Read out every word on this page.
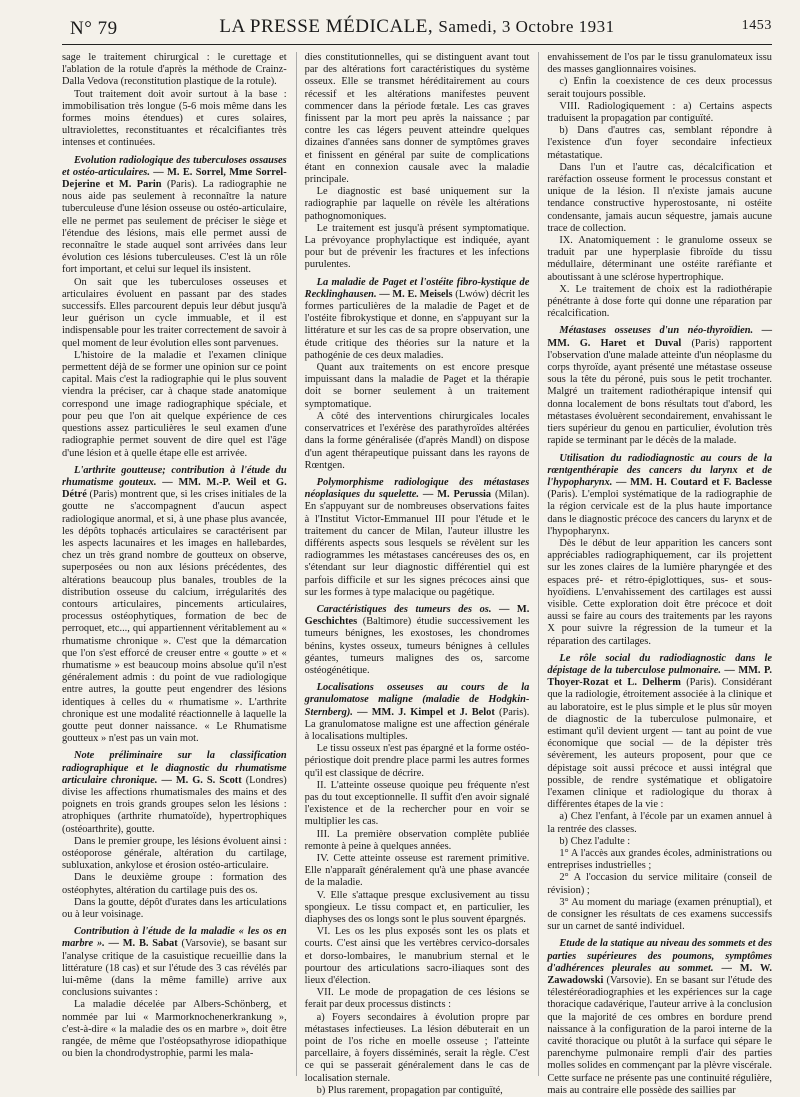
N° 79	LA PRESSE MÉDICALE, Samedi, 3 Octobre 1931	1453

sage le traitement chirurgical : le curettage et l'ablation de la rotule d'après la méthode de Crainz-Dalla Vedova (reconstitution plastique de la rotule).

Tout traitement doit avoir surtout à la base : immobilisation très longue (5-6 mois même dans les formes moins étendues) et cures solaires, ultraviolettes, reconstituantes et récalcifiantes très intenses et continuées.

Evolution radiologique des tuberculoses ossauses et ostéo-articulaires. — M. E. Sorrel, Mme Sorrel-Dejerine et M. Parin (Paris). La radiographie ne nous aide pas seulement à reconnaître la nature tuberculeuse d'une lésion osseuse ou ostéo-articulaire, elle ne permet pas seulement de préciser le siège et l'étendue des lésions, mais elle permet aussi de reconnaître le stade auquel sont arrivées dans leur évolution ces lésions tuberculeuses. C'est là un rôle fort important, et celui sur lequel ils insistent.

On sait que les tuberculoses osseuses et articulaires évoluent en passant par des stades successifs. Elles parcourent depuis leur début jusqu'à leur guérison un cycle immuable, et il est indispensable pour les traiter correctement de savoir à quel moment de leur évolution elles sont parvenues.

L'histoire de la maladie et l'examen clinique permettent déjà de se former une opinion sur ce point capital. Mais c'est la radiographie qui le plus souvent viendra la préciser, car à chaque stade anatomique correspond une image radiographique spéciale, et pour peu que l'on ait quelque expérience de ces questions assez particulières le seul examen d'une radiographie permet souvent de dire quel est l'âge d'une lésion et à quelle étape elle est arrivée.

L'arthrite goutteuse; contribution à l'étude du rhumatisme gouteux. — MM. M.-P. Weil et G. Détré (Paris) montrent que, si les crises initiales de la goutte ne s'accompagnent d'aucun aspect radiologique anormal, et si, à une phase plus avancée, les dépôts tophacés articulaires se caractérisent par les aspects lacunaires et les images en hallebardes, chez un très grand nombre de goutteux on observe, superposées ou non aux lésions précédentes, des altérations beaucoup plus banales, troubles de la distribution osseuse du calcium, irrégularités des contours articulaires, pincements articulaires, processus ostéophytiques, formation de bec de perroquet, etc..., qui appartiennent véritablement au « rhumatisme chronique ». C'est que la démarcation que l'on s'est efforcé de creuser entre « goutte » et « rhumatisme » est beaucoup moins absolue qu'il n'est généralement admis : du point de vue radiologique entre autres, la goutte peut engendrer des lésions identiques à celles du « rhumatisme ». L'arthrite chronique est une modalité réactionnelle à laquelle la goutte peut donner naissance. « Le Rhumatisme goutteux » n'est pas un vain mot.

Note préliminaire sur la classification radiographique et le diagnostic du rhumatisme articulaire chronique. — M. G. S. Scott (Londres) divise les affections rhumatismales des mains et des poignets en trois grands groupes selon les lésions : atrophiques (arthrite rhumatoïde), hypertrophiques (ostéoarthrite), goutte.

Dans le premier groupe, les lésions évoluent ainsi : ostéoporose générale, altération du cartilage, subluxation, ankylose et érosion ostéo-articulaire.

Dans le deuxième groupe : formation des ostéophytes, altération du cartilage puis des os.

Dans la goutte, dépôt d'urates dans les articulations ou à leur voisinage.

Contribution à l'étude de la maladie « les os en marbre ». — M. B. Sabat (Varsovie), se basant sur l'analyse critique de la casuistique recueillie dans la littérature (18 cas) et sur l'étude des 3 cas révélés par lui-même (dans la même famille) arrive aux conclusions suivantes :

La maladie décelée par Albers-Schönberg, et nommée par lui « Marmorknochenerkrankung », c'est-à-dire « la maladie des os en marbre », doit être rangée, de même que l'ostéopsathyrose idiopathique ou bien la chondrodystrophie, parmi les mala-

dies constitutionnelles, qui se distinguent avant tout par des altérations fort caractéristiques du système osseux. Elle se transmet héréditairement au cours récessif et les altérations manifestes peuvent commencer dans la période fœtale. Les cas graves finissent par la mort peu après la naissance ; par contre les cas légers peuvent atteindre quelques dizaines d'années sans donner de symptômes graves et finissent en général par suite de complications étant en connexion causale avec la maladie principale.

Le diagnostic est basé uniquement sur la radiographie par laquelle on révèle les altérations pathognomoniques.

Le traitement est jusqu'à présent symptomatique. La prévoyance prophylactique est indiquée, ayant pour but de prévenir les fractures et les infections purulentes.

La maladie de Paget et l'ostéite fibro-kystique de Recklinghausen. — M. E. Meisels (Lwów) décrit les formes particulières de la maladie de Paget et de l'ostéite fibrokystique et donne, en s'appuyant sur la littérature et sur les cas de sa propre observation, une étude critique des théories sur la nature et la pathogénie de ces deux maladies.

Quant aux traitements on est encore presque impuissant dans la maladie de Paget et la thérapie doit se borner seulement à un traitement symptomatique.

A côté des interventions chirurgicales locales conservatrices et l'exérèse des parathyroïdes altérées dans la forme généralisée (d'après Mandl) on dispose d'un agent thérapeutique puissant dans les rayons de Rœntgen.

Polymorphisme radiologique des métastases néoplasiques du squelette. — M. Perussia (Milan). En s'appuyant sur de nombreuses observations faites à l'Institut Victor-Emmanuel III pour l'étude et le traitement du cancer de Milan, l'auteur illustre les différents aspects sous lesquels se révèlent sur les radiogrammes les métastases cancéreuses des os, en s'étendant sur leur diagnostic différentiel qui est parfois difficile et sur les signes précoces ainsi que sur les formes à type malacique ou pagétique.

Caractéristiques des tumeurs des os. — M. Geschichtes (Baltimore) étudie successivement les tumeurs bénignes, les exostoses, les chondromes bénins, kystes osseux, tumeurs bénignes à cellules géantes, tumeurs malignes des os, sarcome ostéogénétique.

Localisations osseuses au cours de la granulomatose maligne (maladie de Hodgkin-Sternberg). — MM. J. Kimpel et J. Belot (Paris). La granulomatose maligne est une affection générale à localisations multiples.

Le tissu osseux n'est pas épargné et la forme ostéo-périostique doit prendre place parmi les autres formes qu'il est classique de décrire.

II. L'atteinte osseuse quoique peu fréquente n'est pas du tout exceptionnelle. Il suffit d'en avoir signalé l'existence et de la rechercher pour en voir se multiplier les cas.

III. La première observation complète publiée remonte à peine à quelques années.

IV. Cette atteinte osseuse est rarement primitive. Elle n'apparaît généralement qu'à une phase avancée de la maladie.

V. Elle s'attaque presque exclusivement au tissu spongieux. Le tissu compact et, en particulier, les diaphyses des os longs sont le plus souvent épargnés.

VI. Les os les plus exposés sont les os plats et courts. C'est ainsi que les vertèbres cervico-dorsales et dorso-lombaires, le manubrium sternal et le pourtour des articulations sacro-iliaques sont des lieux d'élection.

VII. Le mode de propagation de ces lésions se ferait par deux processus distincts :

a) Foyers secondaires à évolution propre par métastases infectieuses. La lésion débuterait en un point de l'os riche en moelle osseuse ; l'atteinte parcellaire, à foyers disséminés, serait la règle. C'est ce qui se passerait généralement dans le cas de localisation sternale.

b) Plus rarement, propagation par contiguïté,

envahissement de l'os par le tissu granulomateux issu des masses ganglionnaires voisines.

c) Enfin la coexistence de ces deux processus serait toujours possible.

VIII. Radiologiquement : a) Certains aspects traduisent la propagation par contiguïté.

b) Dans d'autres cas, semblant répondre à l'existence d'un foyer secondaire infectieux métastatique.

Dans l'un et l'autre cas, décalcification et raréfaction osseuse forment le processus constant et unique de la lésion. Il n'existe jamais aucune tendance constructive hyperostosante, ni ostéite condensante, jamais aucun séquestre, jamais aucune trace de collection.

IX. Anatomiquement : le granulome osseux se traduit par une hyperplasie fibroïde du tissu médullaire, déterminant une ostéite raréfiante et aboutissant à une sclérose hypertrophique.

X. Le traitement de choix est la radiothérapie pénétrante à dose forte qui donne une réparation par récalcification.

Métastases osseuses d'un néo-thyroïdien. — MM. G. Haret et Duval (Paris) rapportent l'observation d'une malade atteinte d'un néoplasme du corps thyroïde, ayant présenté une métastase osseuse sous la tête du péroné, puis sous le petit trochanter. Malgré un traitement radiothérapique intensif qui donna localement de bons résultats tout d'abord, les métastases évoluèrent secondairement, envahissant le tiers supérieur du genou en particulier, évolution très rapide se terminant par le décès de la malade.

Utilisation du radiodiagnostic au cours de la rœntgenthérapie des cancers du larynx et de l'hypopharynx. — MM. H. Coutard et F. Baclesse (Paris). L'emploi systématique de la radiographie de la région cervicale est de la plus haute importance dans le diagnostic précoce des cancers du larynx et de l'hypopharynx.

Dès le début de leur apparition les cancers sont appréciables radiographiquement, car ils projettent sur les zones claires de la lumière pharyngée et des espaces pré- et rétro-épiglottiques, sus- et sous-hyoïdiens. L'envahissement des cartilages est aussi visible. Cette exploration doit être précoce et doit aussi se faire au cours des traitements par les rayons X pour suivre la régression de la tumeur et la réparation des cartilages.

Le rôle social du radiodiagnostic dans le dépistage de la tuberculose pulmonaire. — MM. P. Thoyer-Rozat et L. Delherm (Paris). Considérant que la radiologie, étroitement associée à la clinique et au laboratoire, est le plus simple et le plus sûr moyen de diagnostic de la tuberculose pulmonaire, et estimant qu'il devient urgent — tant au point de vue économique que social — de la dépister très sévèrement, les auteurs proposent, pour que ce dépistage soit aussi précoce et aussi intégral que possible, de rendre systématique et obligatoire l'examen clinique et radiologique du thorax à différentes étapes de la vie :

a) Chez l'enfant, à l'école par un examen annuel à la rentrée des classes.

b) Chez l'adulte :

1° A l'accès aux grandes écoles, administrations ou entreprises industrielles ;

2° A l'occasion du service militaire (conseil de révision) ;

3° Au moment du mariage (examen prénuptial), et de consigner les résultats de ces examens successifs sur un carnet de santé individuel.

Etude de la statique au niveau des sommets et des parties supérieures des poumons, symptômes d'adhérences pleurales au sommet. — M. W. Zawadowski (Varsovie). En se basant sur l'étude des télestéréoradiographies et les expériences sur la cage thoracique cadavérique, l'auteur arrive à la conclusion que la majorité de ces ombres en bordure prend naissance à la configuration de la paroi interne de la cavité thoracique ou plutôt à la surface qui sépare le parenchyme pulmonaire rempli d'air des parties molles solides en commençant par la plèvre viscérale. Cette surface ne présente pas une continuité régulière, mais au contraire elle possède des saillies par
